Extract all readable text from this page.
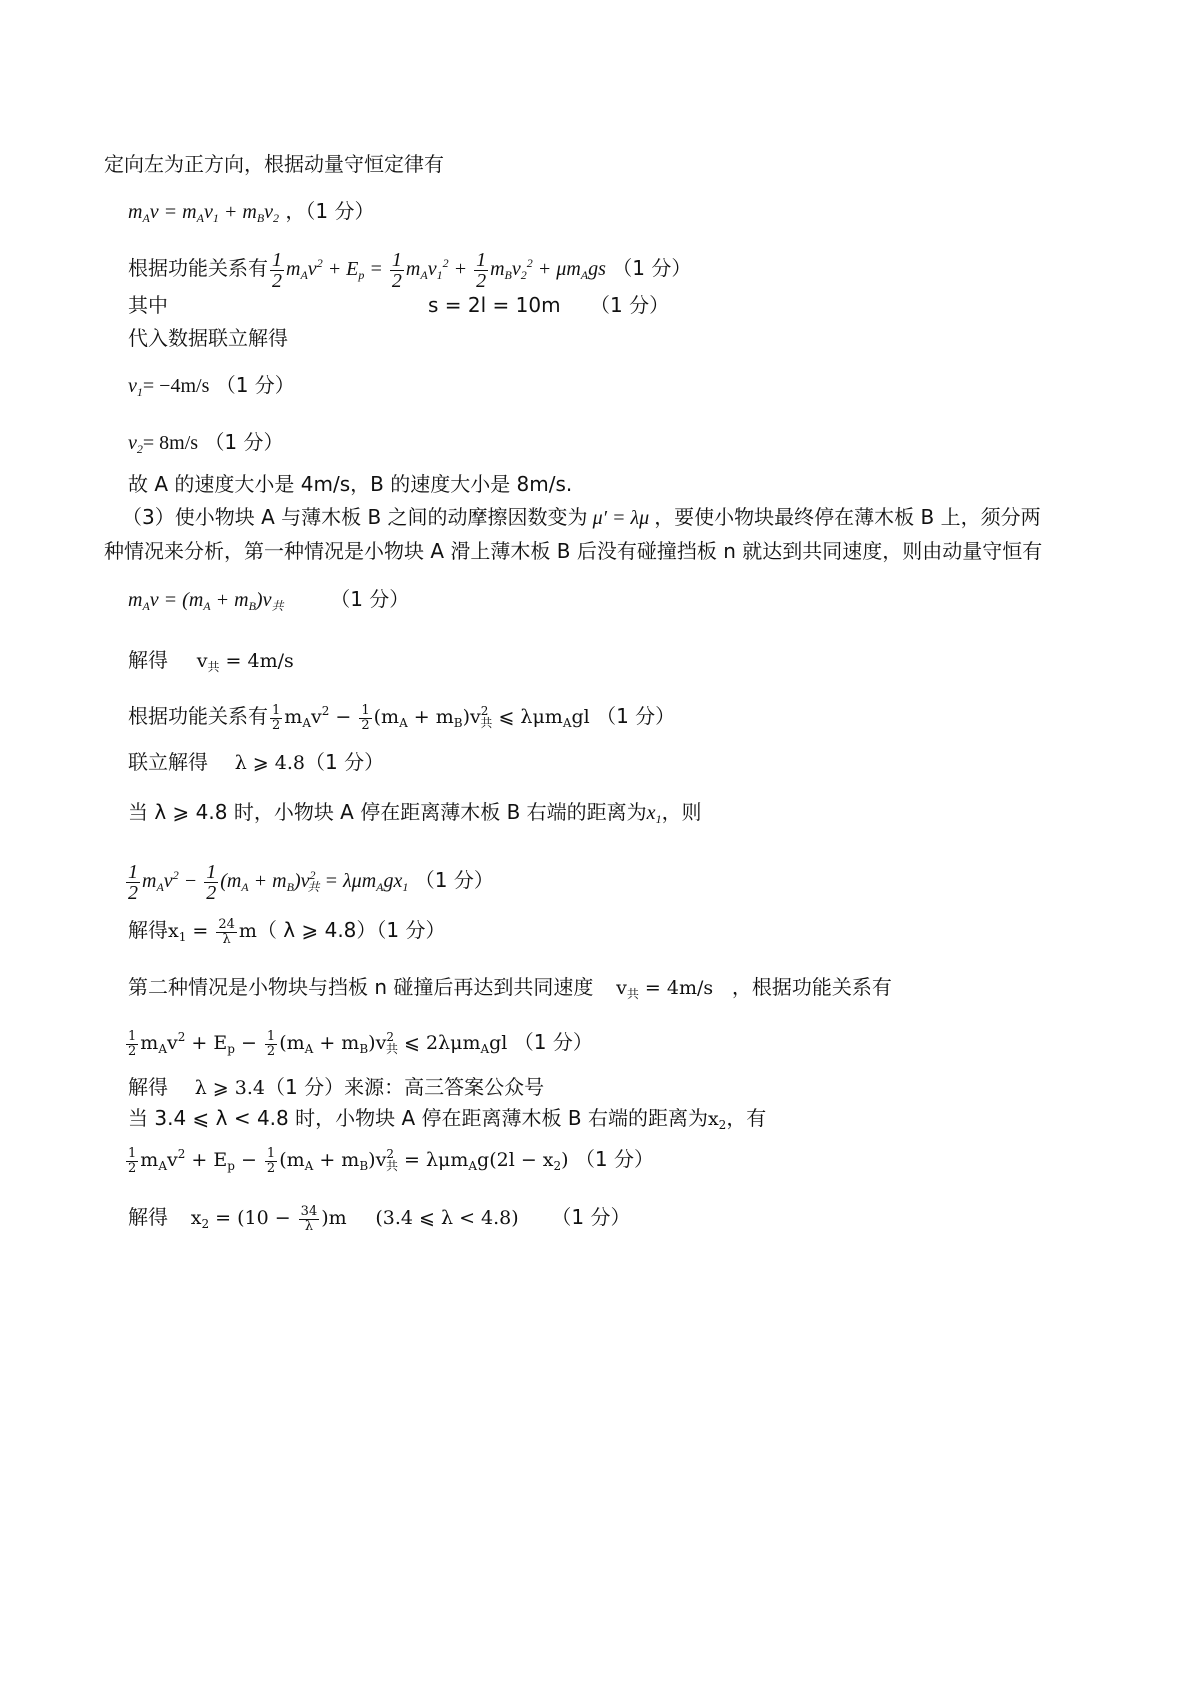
定向左为正方向，根据动量守恒定律有
$m_Av = m_Av_1 + m_Bv_2$ ，（1 分）
根据功能关系有 $\frac{1}{2} m_Av^2 + E_p = \frac{1}{2} m_Av_1^2 + \frac{1}{2} m_Bv_2^2 + \mu m_Ags$ （1 分）
其中	s = 2l = 10m （1 分）
代入数据联立解得
$v_1= -4m/s$ （1 分）
$v_2= 8m/s$ （1 分）
故 A 的速度大小是 4m/s，B 的速度大小是 8m/s.
（3）使小物块 A 与薄木板 B 之间的动摩擦因数变为 μ′ = λμ ，要使小物块最终停在薄木板 B 上，须分两
种情况来分析，第一种情况是小物块 A 滑上薄木板 B 后没有碰撞挡板 n 就达到共同速度，则由动量守恒有
$m_Av = (m_A + m_B)v_共$ （1 分）
解得 $v_共 = 4m/s$
根据功能关系有 $\frac{1}{2} m_Av^2 - \frac{1}{2} (m_A + m_B)v^2_共$ ⩽ λμm$_A$gl （1 分）
联立解得 λ ⩾ 4.8（1 分）
当 λ ⩾ 4.8 时，小物块 A 停在距离薄木板 B 右端的距离为$x_1$，则
$\frac{1}{2} m_Av^2 - \frac{1}{2} (m_A + m_B)v^2_共 = \lambda\mu m_Agx_1$ （1 分）
解得$x_1 = \frac{24}{\lambda} m$（ λ ⩾ 4.8）（1 分）
第二种情况是小物块与挡板 n 碰撞后再达到共同速度 $v_共 = 4m/s$ ，根据功能关系有
$\frac{1}{2} m_Av^2 + E_p - \frac{1}{2} (m_A + m_B)v^2_共$ ⩽ 2λμm$_A$gl （1 分）
解得 λ ⩾ 3.4（1 分）来源：高三答案公众号
当 3.4 ⩽ λ < 4.8 时，小物块 A 停在距离薄木板 B 右端的距离为$x_2$，有
$\frac{1}{2} m_Av^2 + E_p - \frac{1}{2} (m_A + m_B)v^2_共 = \lambda\mu m_Ag(2l - x_2)$ （1 分）
解得 $x_2 = (10 - \frac{34}{\lambda} )m$ (3.4 ⩽ λ < 4.8) （1 分）
